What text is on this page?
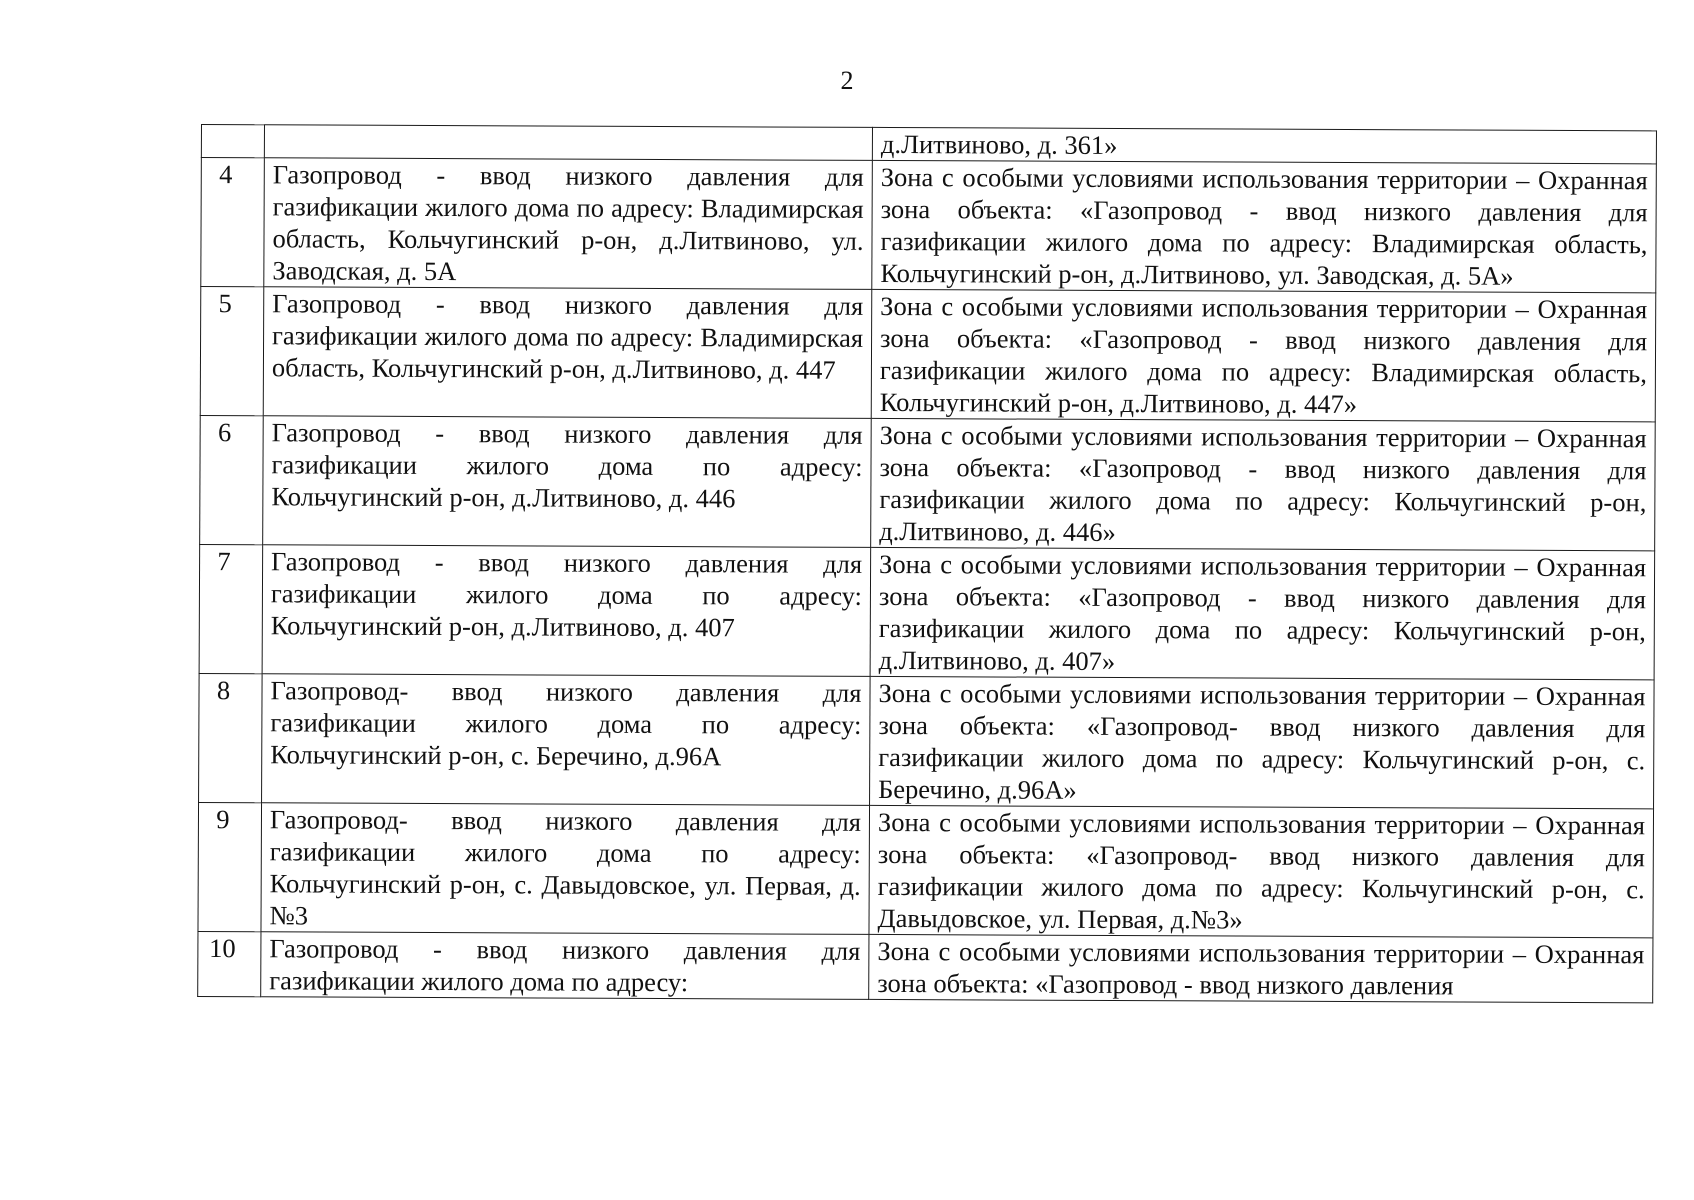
2
		д.Литвиново, д. 361»
4	Газопровод - ввод низкого давления для газификации жилого дома по адресу: Владимирская область, Кольчугинский р-он, д.Литвиново, ул. Заводская, д. 5А	Зона с особыми условиями использования территории – Охранная зона объекта: «Газопровод - ввод низкого давления для газификации жилого дома по адресу: Владимирская область, Кольчугинский р-он, д.Литвиново, ул. Заводская, д. 5А»
5	Газопровод - ввод низкого давления для газификации жилого дома по адресу: Владимирская область, Кольчугинский р-он, д.Литвиново, д. 447	Зона с особыми условиями использования территории – Охранная зона объекта: «Газопровод - ввод низкого давления для газификации жилого дома по адресу: Владимирская область, Кольчугинский р-он, д.Литвиново, д. 447»
6	Газопровод - ввод низкого давления для газификации жилого дома по адресу: Кольчугинский р-он, д.Литвиново, д. 446	Зона с особыми условиями использования территории – Охранная зона объекта: «Газопровод - ввод низкого давления для газификации жилого дома по адресу: Кольчугинский р-он, д.Литвиново, д. 446»
7	Газопровод - ввод низкого давления для газификации жилого дома по адресу: Кольчугинский р-он, д.Литвиново, д. 407	Зона с особыми условиями использования территории – Охранная зона объекта: «Газопровод - ввод низкого давления для газификации жилого дома по адресу: Кольчугинский р-он, д.Литвиново, д. 407»
8	Газопровод- ввод низкого давления для газификации жилого дома по адресу: Кольчугинский р-он, с. Беречино, д.96А	Зона с особыми условиями использования территории – Охранная зона объекта: «Газопровод- ввод низкого давления для газификации жилого дома по адресу: Кольчугинский р-он, с. Беречино, д.96А»
9	Газопровод- ввод низкого давления для газификации жилого дома по адресу: Кольчугинский р-он, с. Давыдовское, ул. Первая, д.№3	Зона с особыми условиями использования территории – Охранная зона объекта: «Газопровод- ввод низкого давления для газификации жилого дома по адресу: Кольчугинский р-он, с. Давыдовское, ул. Первая, д.№3»
10	Газопровод - ввод низкого давления для газификации жилого дома по адресу:	Зона с особыми условиями использования территории – Охранная зона объекта: «Газопровод - ввод низкого давления
